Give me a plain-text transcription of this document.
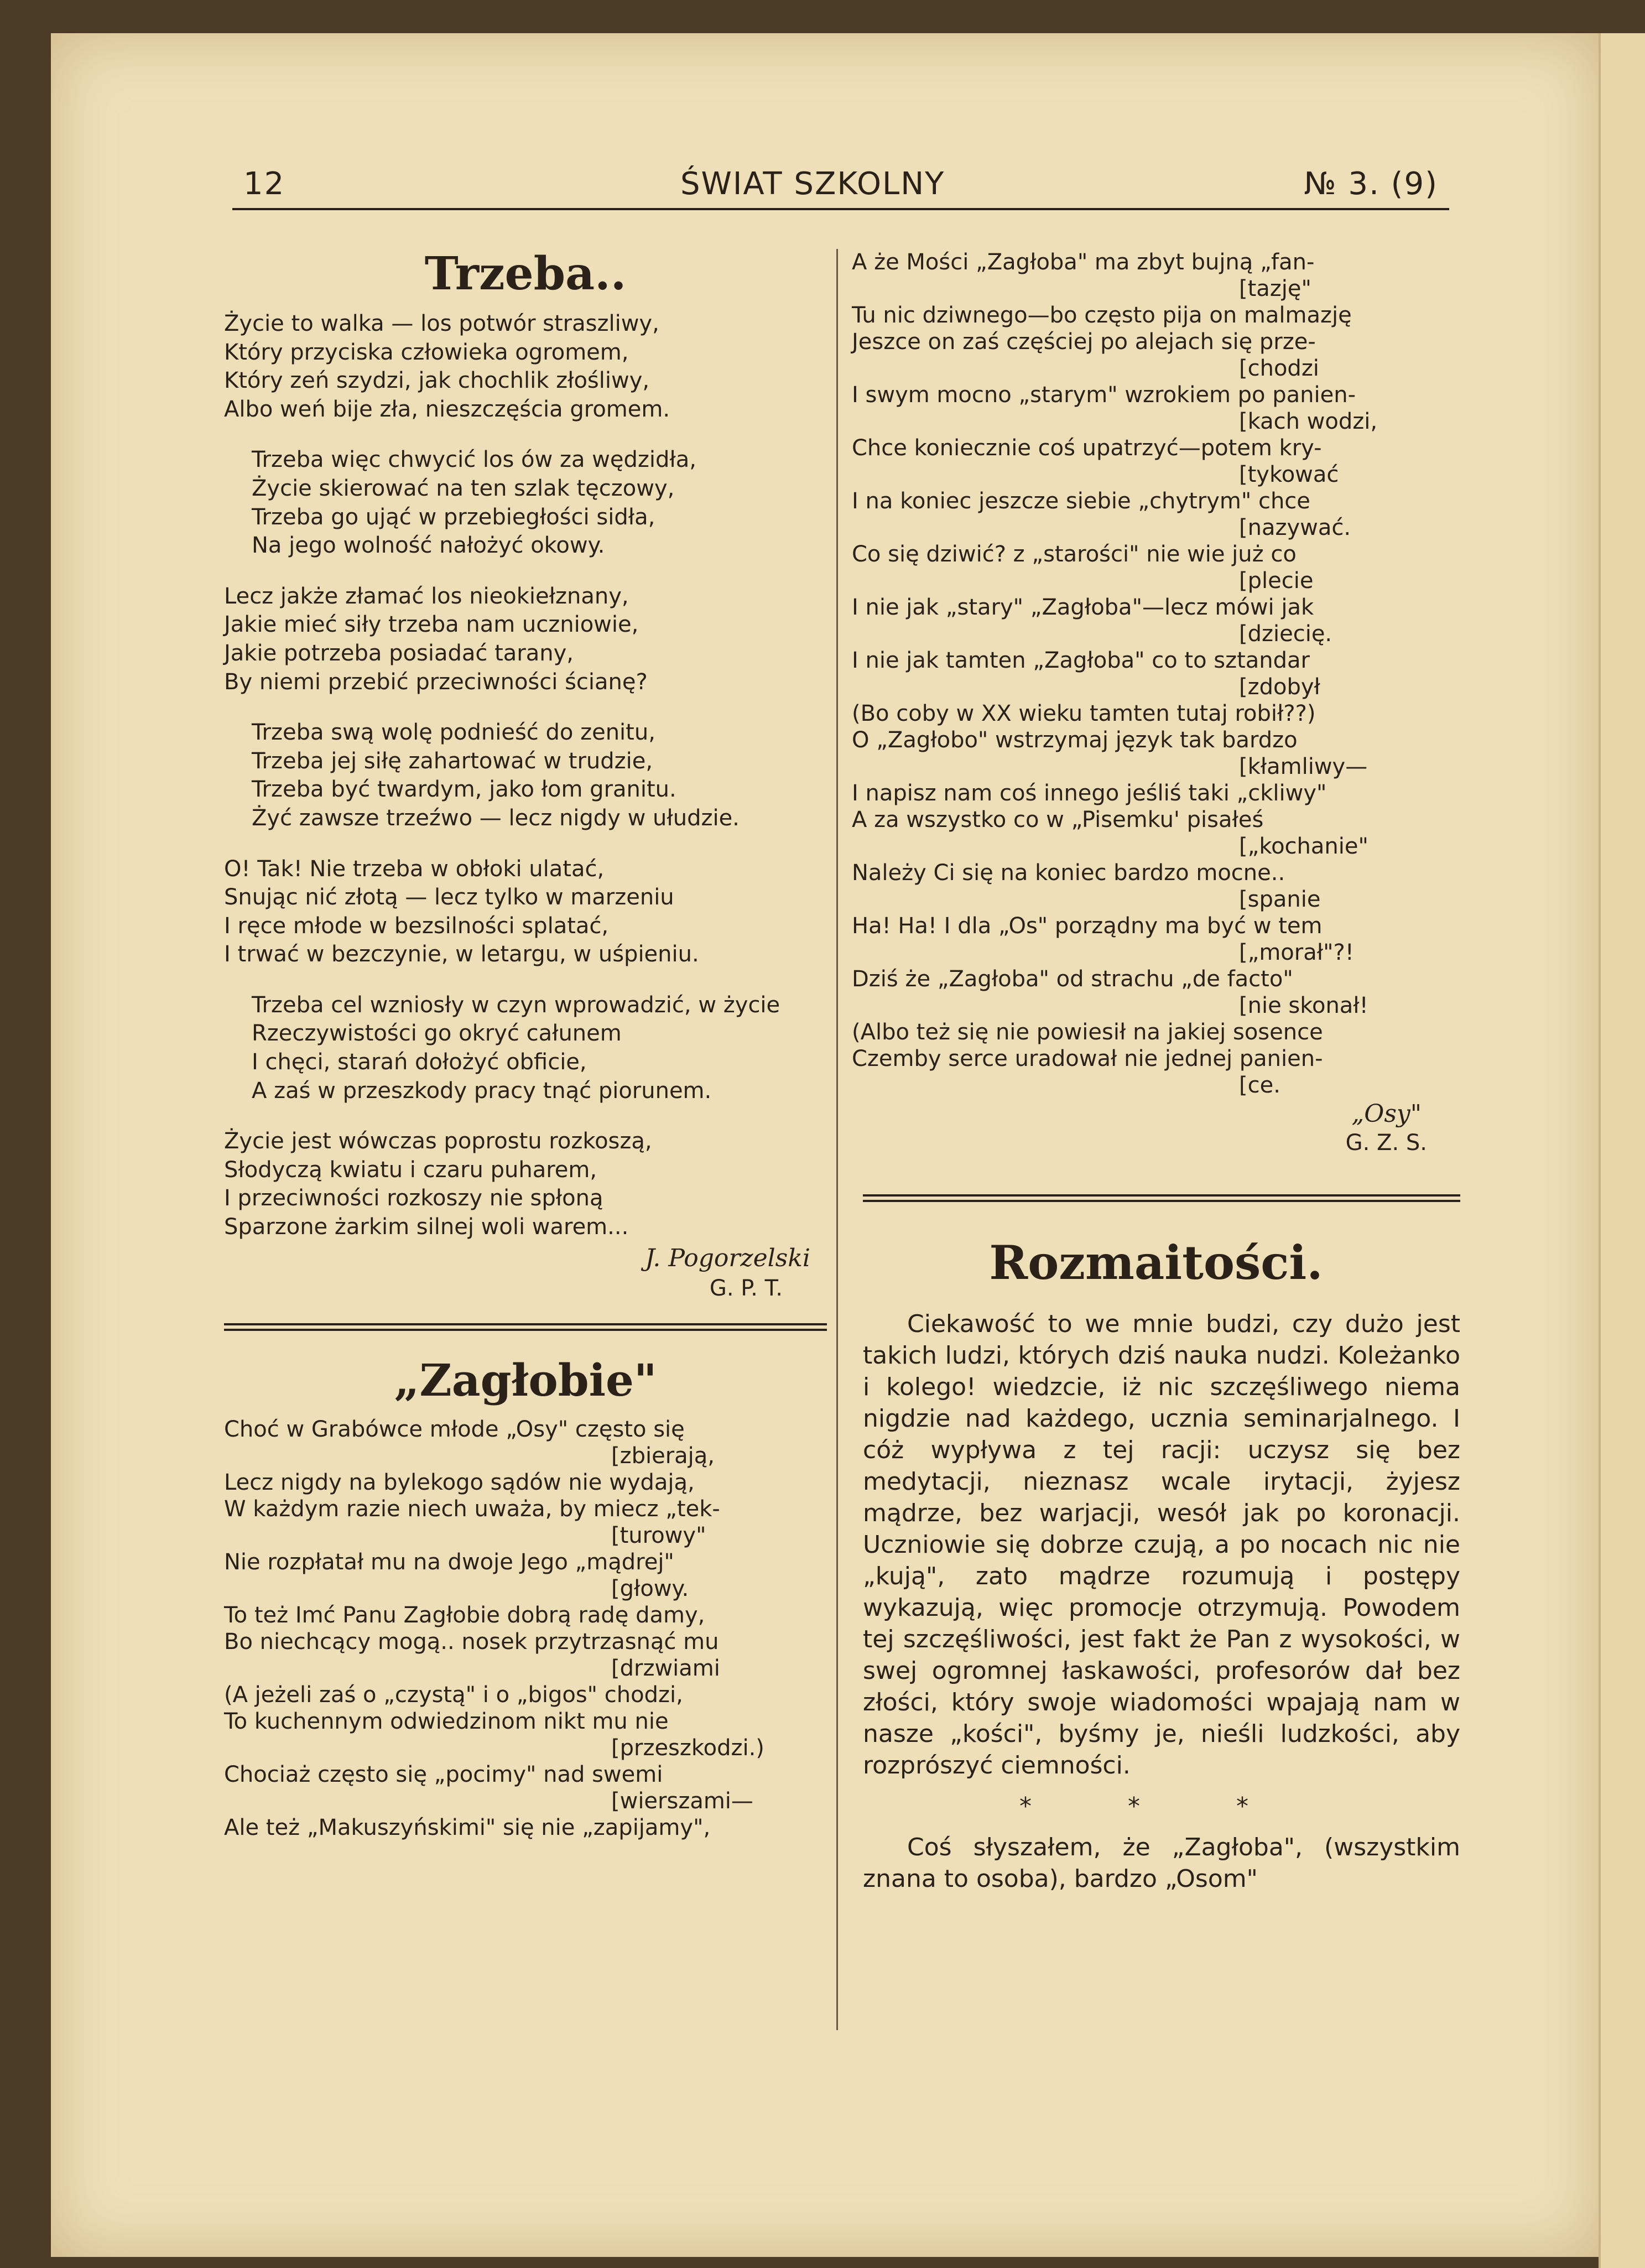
12	ŚWIAT SZKOLNY	№ 3. (9)
Trzeba..
Życie to walka — los potwór straszliwy,
Który przyciska człowieka ogromem,
Który zeń szydzi, jak chochlik złośliwy,
Albo weń bije zła, nieszczęścia gromem.
Trzeba więc chwycić los ów za wędzidła,
Życie skierować na ten szlak tęczowy,
Trzeba go ująć w przebiegłości sidła,
Na jego wolność nałożyć okowy.
Lecz jakże złamać los nieokiełznany,
Jakie mieć siły trzeba nam uczniowie,
Jakie potrzeba posiadać tarany,
By niemi przebić przeciwności ścianę?
Trzeba swą wolę podnieść do zenitu,
Trzeba jej siłę zahartować w trudzie,
Trzeba być twardym, jako łom granitu.
Żyć zawsze trzeźwo — lecz nigdy w ułudzie.
O! Tak! Nie trzeba w obłoki ulatać,
Snując nić złotą — lecz tylko w marzeniu
I ręce młode w bezsilności splatać,
I trwać w bezczynie, w letargu, w uśpieniu.
Trzeba cel wzniosły w czyn wprowadzić, w życie
Rzeczywistości go okryć całunem
I chęci, starań dołożyć obficie,
A zaś w przeszkody pracy tnąć piorunem.
Życie jest wówczas poprostu rozkoszą,
Słodyczą kwiatu i czaru puharem,
I przeciwności rozkoszy nie spłoną
Sparzone żarkim silnej woli warem...
J. Pogorzelski
G. P. T.
„Zagłobie"
Choć w Grabówce młode „Osy" często się
[zbierają,
Lecz nigdy na bylekogo sądów nie wydają,
W każdym razie niech uważa, by miecz „tek-
[turowy"
Nie rozpłatał mu na dwoje Jego „mądrej"
[głowy.
To też Imć Panu Zagłobie dobrą radę damy,
Bo niechcący mogą.. nosek przytrzasnąć mu
[drzwiami
(A jeżeli zaś o „czystą" i o „bigos" chodzi,
To kuchennym odwiedzinom nikt mu nie
[przeszkodzi.)
Chociaż często się „pocimy" nad swemi
[wierszami—
Ale też „Makuszyńskimi" się nie „zapijamy",
A że Mości „Zagłoba" ma zbyt bujną „fan-
[tazję"
Tu nic dziwnego—bo często pija on malmazję
Jeszce on zaś częściej po alejach się prze-
[chodzi
I swym mocno „starym" wzrokiem po panien-
[kach wodzi,
Chce koniecznie coś upatrzyć—potem kry-
[tykować
I na koniec jeszcze siebie „chytrym" chce
[nazywać.
Co się dziwić? z „starości" nie wie już co
[plecie
I nie jak „stary" „Zagłoba"—lecz mówi jak
[dziecię.
I nie jak tamten „Zagłoba" co to sztandar
[zdobył
(Bo coby w XX wieku tamten tutaj robił??)
O „Zagłobo" wstrzymaj język tak bardzo
[kłamliwy—
I napisz nam coś innego jeśliś taki „ckliwy"
A za wszystko co w „Pisemku' pisałeś
[„kochanie"
Należy Ci się na koniec bardzo mocne..
[spanie
Ha! Ha! I dla „Os" porządny ma być w tem
[„morał"?!
Dziś że „Zagłoba" od strachu „de facto"
[nie skonał!
(Albo też się nie powiesił na jakiej sosence
Czemby serce uradował nie jednej panien-
[ce.
„Osy"
G. Z. S.
Rozmaitości.
Ciekawość to we mnie budzi, czy dużo jest takich ludzi, których dziś nauka nudzi. Koleżanko i kolego! wiedzcie, iż nic szczęśliwego niema nigdzie nad każdego, ucznia seminarjalnego. I cóż wypływa z tej racji: uczysz się bez medytacji, nieznasz wcale irytacji, żyjesz mądrze, bez warjacji, wesół jak po koronacji. Uczniowie się dobrze czują, a po nocach nic nie „kują", zato mądrze rozumują i postępy wykazują, więc promocje otrzymują. Powodem tej szczęśliwości, jest fakt że Pan z wysokości, w swej ogromnej łaskawości, profesorów dał bez złości, który swoje wiadomości wpajają nam w nasze „kości", byśmy je, nieśli ludzkości, aby rozprószyć ciemności.
* * *
Coś słyszałem, że „Zagłoba", (wszystkim znana to osoba), bardzo „Osom"
